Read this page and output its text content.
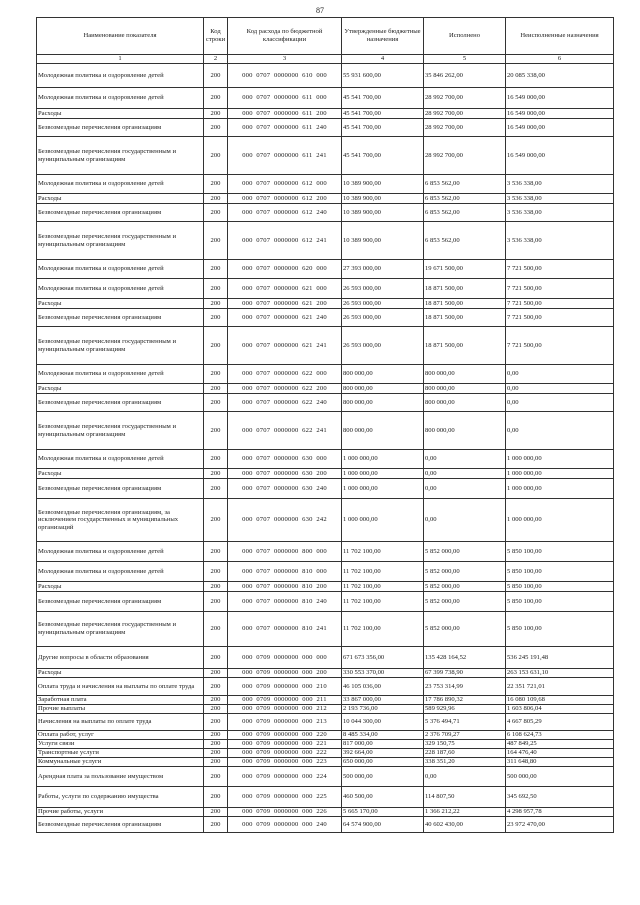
87
Наименование показателя	Код строки	Код расхода по бюджетной классификации	Утвержденные бюджетные назначения	Исполнено	Неисполненные назначения
1	2	3	4	5	6
Молодежная политика и оздоровление детей	200	000  0707  0000000  610  000	55 931 600,00	35 846 262,00	20 085 338,00
Молодежная политика и оздоровление детей	200	000  0707  0000000  611  000	45 541 700,00	28 992 700,00	16 549 000,00
Расходы	200	000  0707  0000000  611  200	45 541 700,00	28 992 700,00	16 549 000,00
Безвозмездные перечисления организациям	200	000  0707  0000000  611  240	45 541 700,00	28 992 700,00	16 549 000,00
Безвозмездные перечисления государственным и муниципальным организациям	200	000  0707  0000000  611  241	45 541 700,00	28 992 700,00	16 549 000,00
Молодежная политика и оздоровление детей	200	000  0707  0000000  612  000	10 389 900,00	6 853 562,00	3 536 338,00
Расходы	200	000  0707  0000000  612  200	10 389 900,00	6 853 562,00	3 536 338,00
Безвозмездные перечисления организациям	200	000  0707  0000000  612  240	10 389 900,00	6 853 562,00	3 536 338,00
Безвозмездные перечисления государственным и муниципальным организациям	200	000  0707  0000000  612  241	10 389 900,00	6 853 562,00	3 536 338,00
Молодежная политика и оздоровление детей	200	000  0707  0000000  620  000	27 393 000,00	19 671 500,00	7 721 500,00
Молодежная политика и оздоровление детей	200	000  0707  0000000  621  000	26 593 000,00	18 871 500,00	7 721 500,00
Расходы	200	000  0707  0000000  621  200	26 593 000,00	18 871 500,00	7 721 500,00
Безвозмездные перечисления организациям	200	000  0707  0000000  621  240	26 593 000,00	18 871 500,00	7 721 500,00
Безвозмездные перечисления государственным и муниципальным организациям	200	000  0707  0000000  621  241	26 593 000,00	18 871 500,00	7 721 500,00
Молодежная политика и оздоровление детей	200	000  0707  0000000  622  000	800 000,00	800 000,00	0,00
Расходы	200	000  0707  0000000  622  200	800 000,00	800 000,00	0,00
Безвозмездные перечисления организациям	200	000  0707  0000000  622  240	800 000,00	800 000,00	0,00
Безвозмездные перечисления государственным и муниципальным организациям	200	000  0707  0000000  622  241	800 000,00	800 000,00	0,00
Молодежная политика и оздоровление детей	200	000  0707  0000000  630  000	1 000 000,00	0,00	1 000 000,00
Расходы	200	000  0707  0000000  630  200	1 000 000,00	0,00	1 000 000,00
Безвозмездные перечисления организациям	200	000  0707  0000000  630  240	1 000 000,00	0,00	1 000 000,00
Безвозмездные перечисления организациям, за исключением государственных и муниципальных организаций	200	000  0707  0000000  630  242	1 000 000,00	0,00	1 000 000,00
Молодежная политика и оздоровление детей	200	000  0707  0000000  800  000	11 702 100,00	5 852 000,00	5 850 100,00
Молодежная политика и оздоровление детей	200	000  0707  0000000  810  000	11 702 100,00	5 852 000,00	5 850 100,00
Расходы	200	000  0707  0000000  810  200	11 702 100,00	5 852 000,00	5 850 100,00
Безвозмездные перечисления организациям	200	000  0707  0000000  810  240	11 702 100,00	5 852 000,00	5 850 100,00
Безвозмездные перечисления государственным и муниципальным организациям	200	000  0707  0000000  810  241	11 702 100,00	5 852 000,00	5 850 100,00
Другие вопросы в области образования	200	000  0709  0000000  000  000	671 673 356,00	135 428 164,52	536 245 191,48
Расходы	200	000  0709  0000000  000  200	330 553 370,00	67 399 738,90	263 153 631,10
Оплата труда и начисления на выплаты по оплате труда	200	000  0709  0000000  000  210	46 105 036,00	23 753 314,99	22 351 721,01
Заработная плата	200	000  0709  0000000  000  211	33 867 000,00	17 786 890,32	16 080 109,68
Прочие выплаты	200	000  0709  0000000  000  212	2 193 736,00	589 929,96	1 603 806,04
Начисления на выплаты по оплате труда	200	000  0709  0000000  000  213	10 044 300,00	5 376 494,71	4 667 805,29
Оплата работ, услуг	200	000  0709  0000000  000  220	8 485 334,00	2 376 709,27	6 108 624,73
Услуги связи	200	000  0709  0000000  000  221	817 000,00	329 150,75	487 849,25
Транспортные услуги	200	000  0709  0000000  000  222	392 664,00	228 187,60	164 476,40
Коммунальные услуги	200	000  0709  0000000  000  223	650 000,00	338 351,20	311 648,80
Арендная плата за пользование имуществом	200	000  0709  0000000  000  224	500 000,00	0,00	500 000,00
Работы, услуги по содержанию имущества	200	000  0709  0000000  000  225	460 500,00	114 807,50	345 692,50
Прочие работы, услуги	200	000  0709  0000000  000  226	5 665 170,00	1 366 212,22	4 298 957,78
Безвозмездные перечисления организациям	200	000  0709  0000000  000  240	64 574 900,00	40 602 430,00	23 972 470,00
